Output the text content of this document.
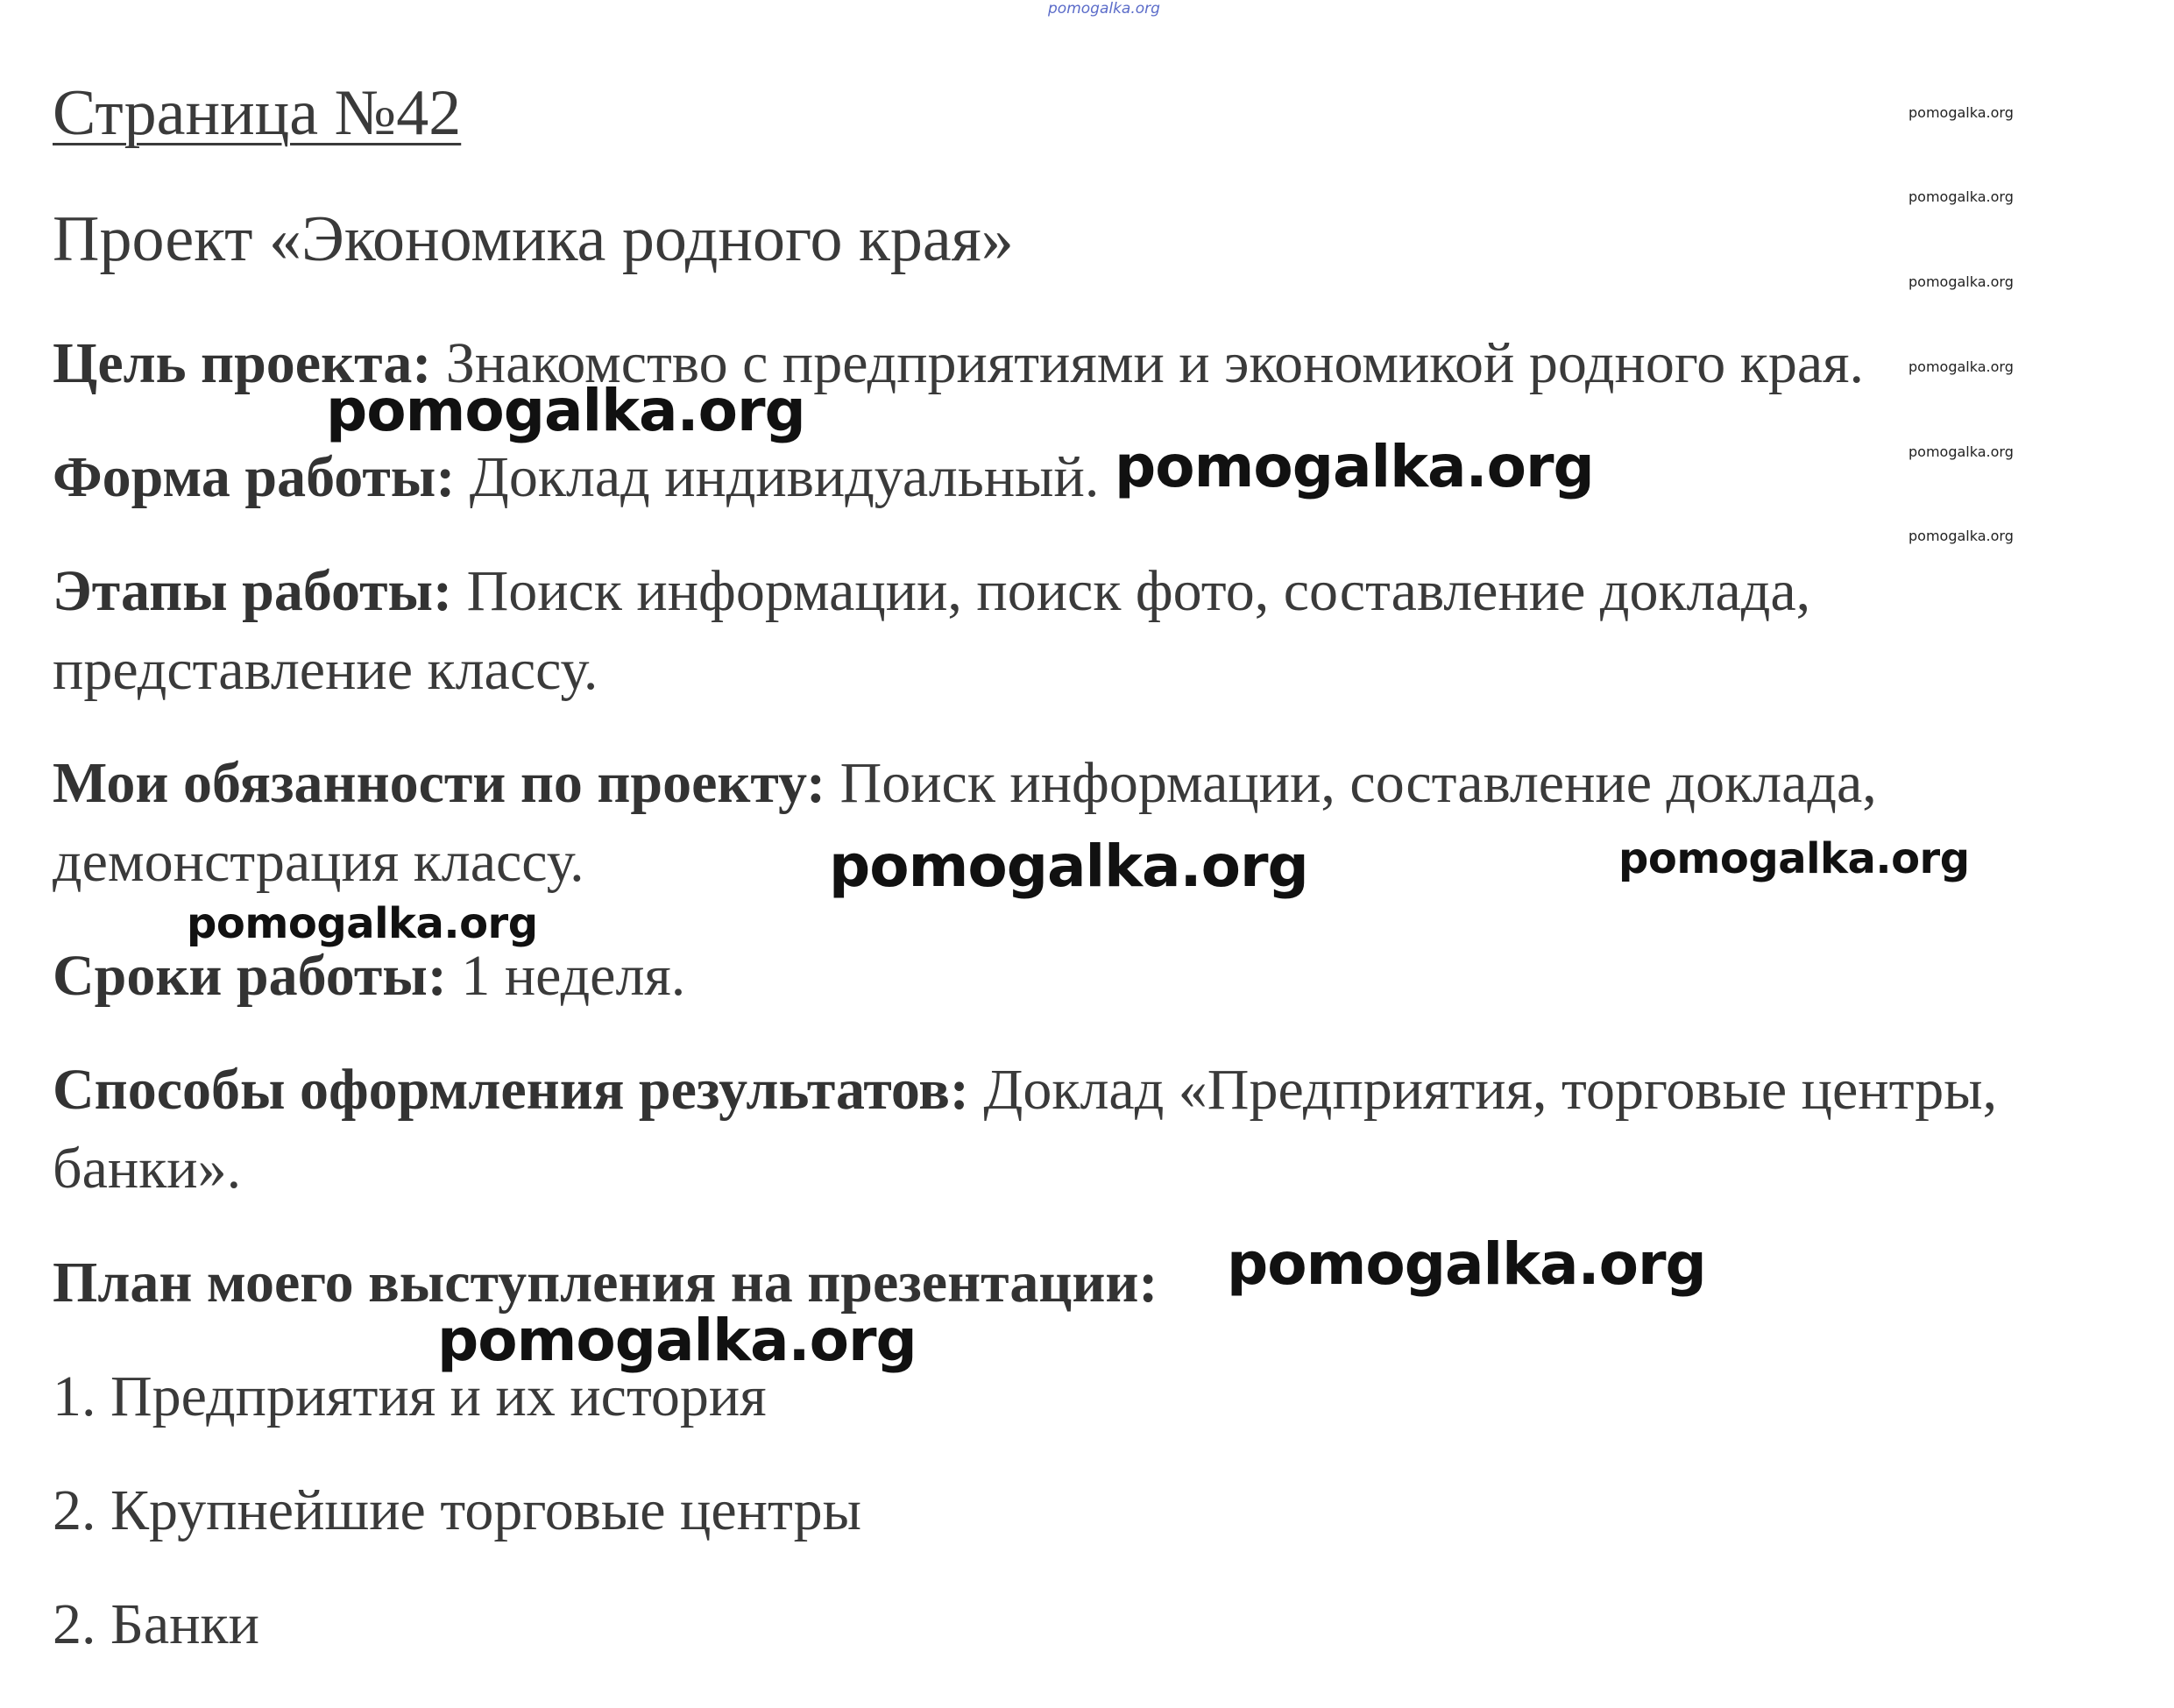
pomogalka.org
pomogalka.org
pomogalka.org
pomogalka.org
pomogalka.org
pomogalka.org
pomogalka.org
Страница №42
Проект «Экономика родного края»
Цель проекта: Знакомство с предприятиями и экономикой родного края.
Форма работы: Доклад индивидуальный.
Этапы работы: Поиск информации, поиск фото, составление доклада,
представление классу.
Мои обязанности по проекту: Поиск информации, составление доклада,
демонстрация классу.
Сроки работы: 1 неделя.
Способы оформления результатов: Доклад «Предприятия, торговые центры,
банки».
План моего выступления на презентации:
1. Предприятия и их история
2. Крупнейшие торговые центры
2. Банки
pomogalka.org
pomogalka.org
pomogalka.org	pomogalka.org
pomogalka.org
pomogalka.org
pomogalka.org
